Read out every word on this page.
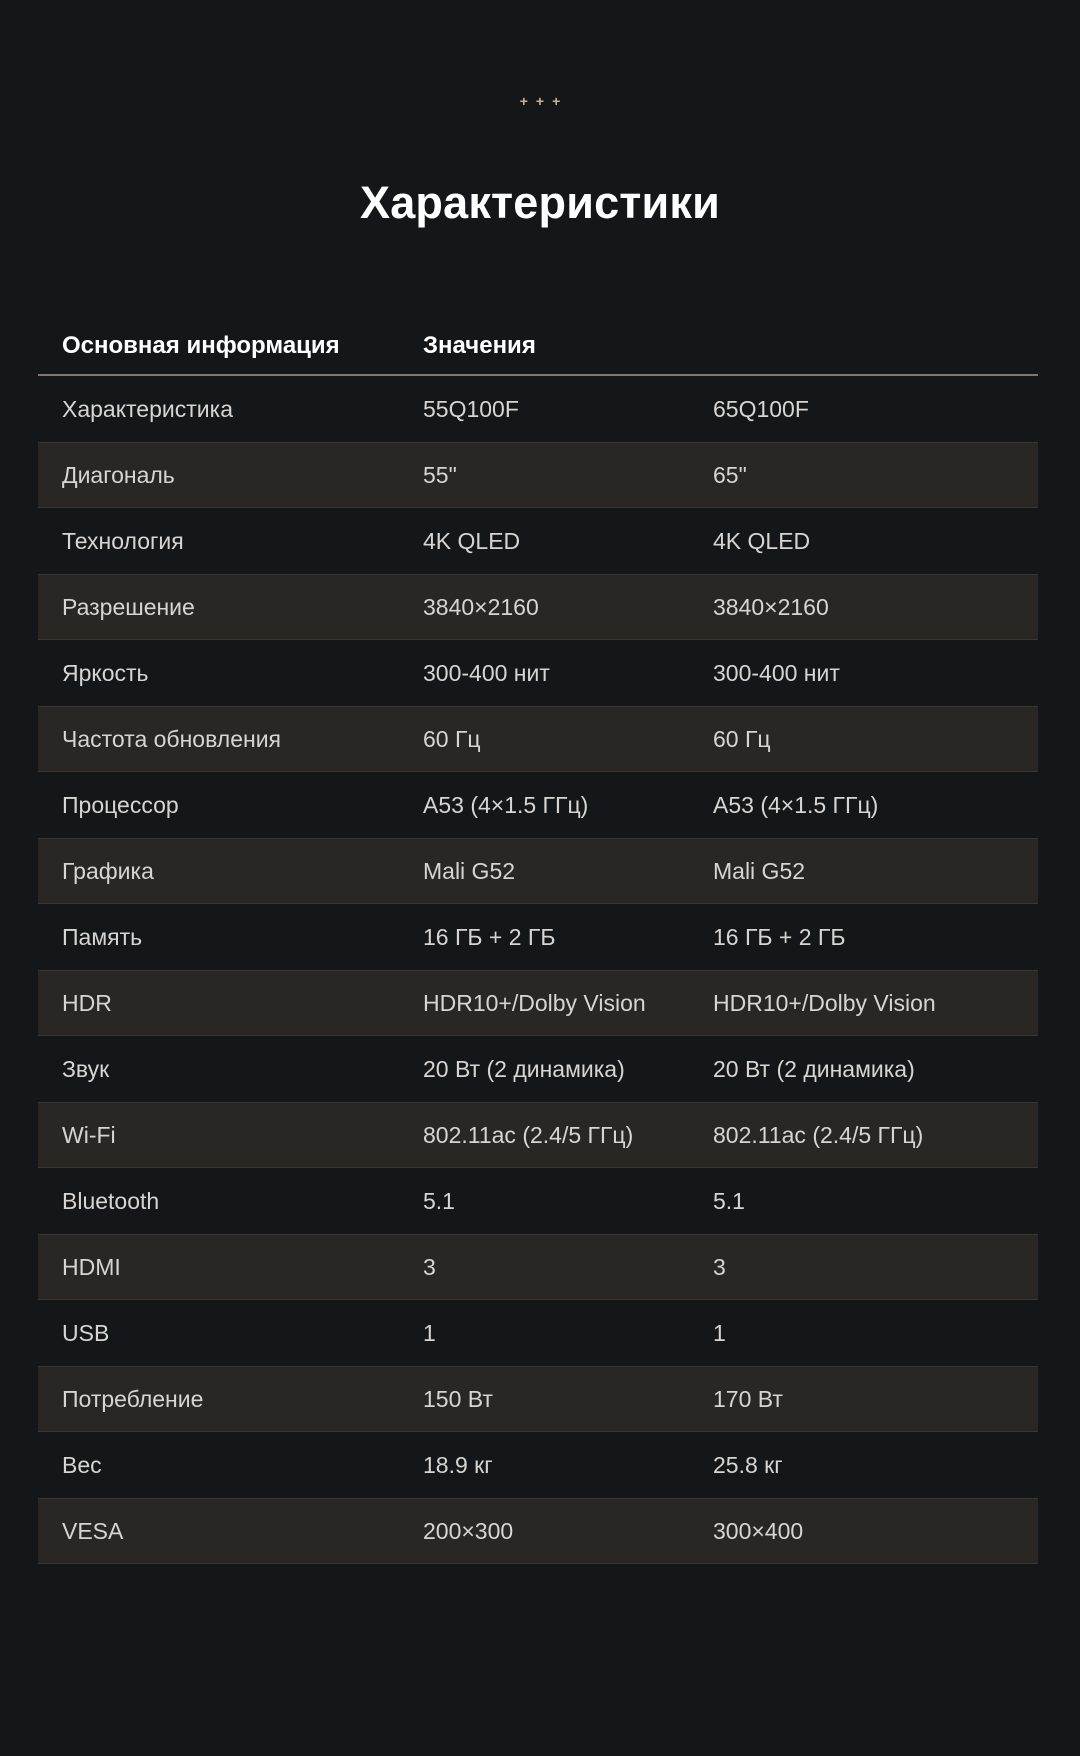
+++
Характеристики
Основная информация	Значения
Характеристика	55Q100F	65Q100F
Диагональ	55"	65"
Технология	4K QLED	4K QLED
Разрешение	3840×2160	3840×2160
Яркость	300-400 нит	300-400 нит
Частота обновления	60 Гц	60 Гц
Процессор	A53 (4×1.5 ГГц)	A53 (4×1.5 ГГц)
Графика	Mali G52	Mali G52
Память	16 ГБ + 2 ГБ	16 ГБ + 2 ГБ
HDR	HDR10+/Dolby Vision	HDR10+/Dolby Vision
Звук	20 Вт (2 динамика)	20 Вт (2 динамика)
Wi-Fi	802.11ac (2.4/5 ГГц)	802.11ac (2.4/5 ГГц)
Bluetooth	5.1	5.1
HDMI	3	3
USB	1	1
Потребление	150 Вт	170 Вт
Вес	18.9 кг	25.8 кг
VESA	200×300	300×400
